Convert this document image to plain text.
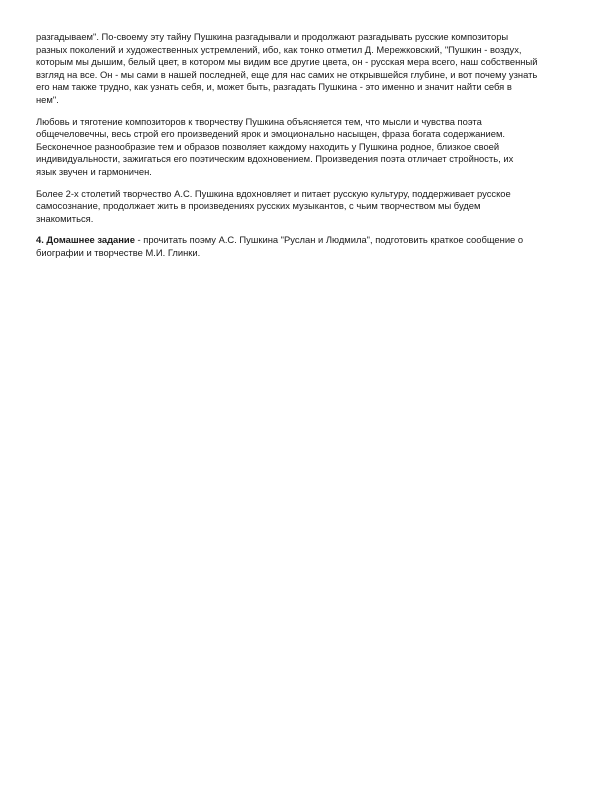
разгадываем". По-своему эту тайну Пушкина разгадывали и продолжают разгадывать русские композиторы
разных поколений и художественных устремлений, ибо, как тонко отметил Д. Мережковский, "Пушкин - воздух,
которым мы дышим, белый цвет, в котором мы видим все другие цвета, он - русская мера всего, наш собственный
взгляд на все. Он - мы сами в нашей последней, еще для нас самих не открывшейся глубине, и вот почему узнать
его нам также трудно, как узнать себя, и, может быть, разгадать Пушкина - это именно и значит найти себя в
нем".

Любовь и тяготение композиторов к творчеству Пушкина объясняется тем, что мысли и чувства поэта
общечеловечны, весь строй его произведений ярок и эмоционально насыщен, фраза богата содержанием.
Бесконечное разнообразие тем и образов позволяет каждому находить у Пушкина родное, близкое своей
индивидуальности, зажигаться его поэтическим вдохновением. Произведения поэта отличает стройность, их
язык звучен и гармоничен.

Более 2-х столетий творчество А.С. Пушкина вдохновляет и питает русскую культуру, поддерживает русское
самосознание, продолжает жить в произведениях русских музыкантов, с чьим творчеством мы будем
знакомиться.

4. Домашнее задание - прочитать поэму А.С. Пушкина "Руслан и Людмила", подготовить краткое сообщение о
биографии и творчестве М.И. Глинки.
